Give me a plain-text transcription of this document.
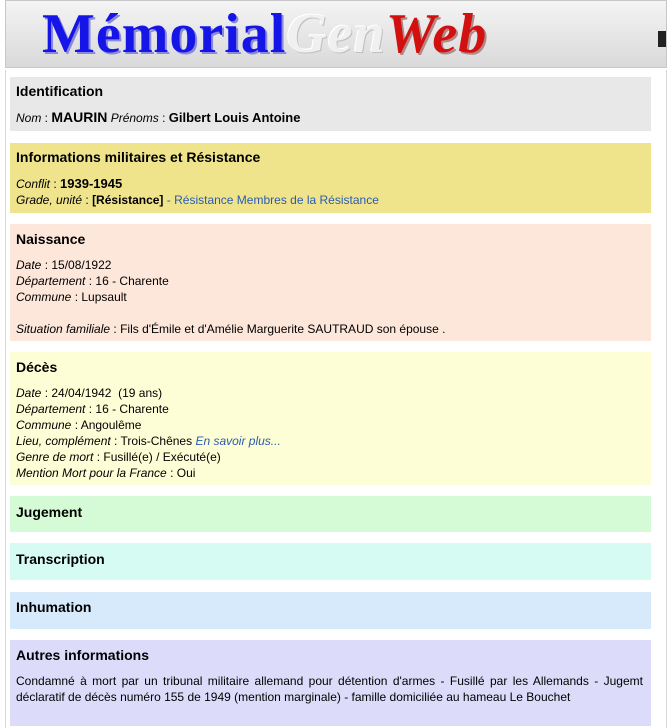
MémorialGenWeb
Identification
Nom : MAURIN Prénoms : Gilbert Louis Antoine
Informations militaires et Résistance
Conflit : 1939-1945
Grade, unité : [Résistance] - Résistance Membres de la Résistance
Naissance
Date : 15/08/1922
Département : 16 - Charente
Commune : Lupsault
Situation familiale : Fils d'Émile et d'Amélie Marguerite SAUTRAUD son épouse .
Décès
Date : 24/04/1942  (19 ans)
Département : 16 - Charente
Commune : Angoulême
Lieu, complément : Trois-Chênes En savoir plus...
Genre de mort : Fusillé(e) / Exécuté(e)
Mention Mort pour la France : Oui
Jugement
Transcription
Inhumation
Autres informations
Condamné à mort par un tribunal militaire allemand pour détention d'armes - Fusillé par les Allemands - Jugemt déclaratif de décès numéro 155 de 1949 (mention marginale) - famille domiciliée au hameau Le Bouchet
